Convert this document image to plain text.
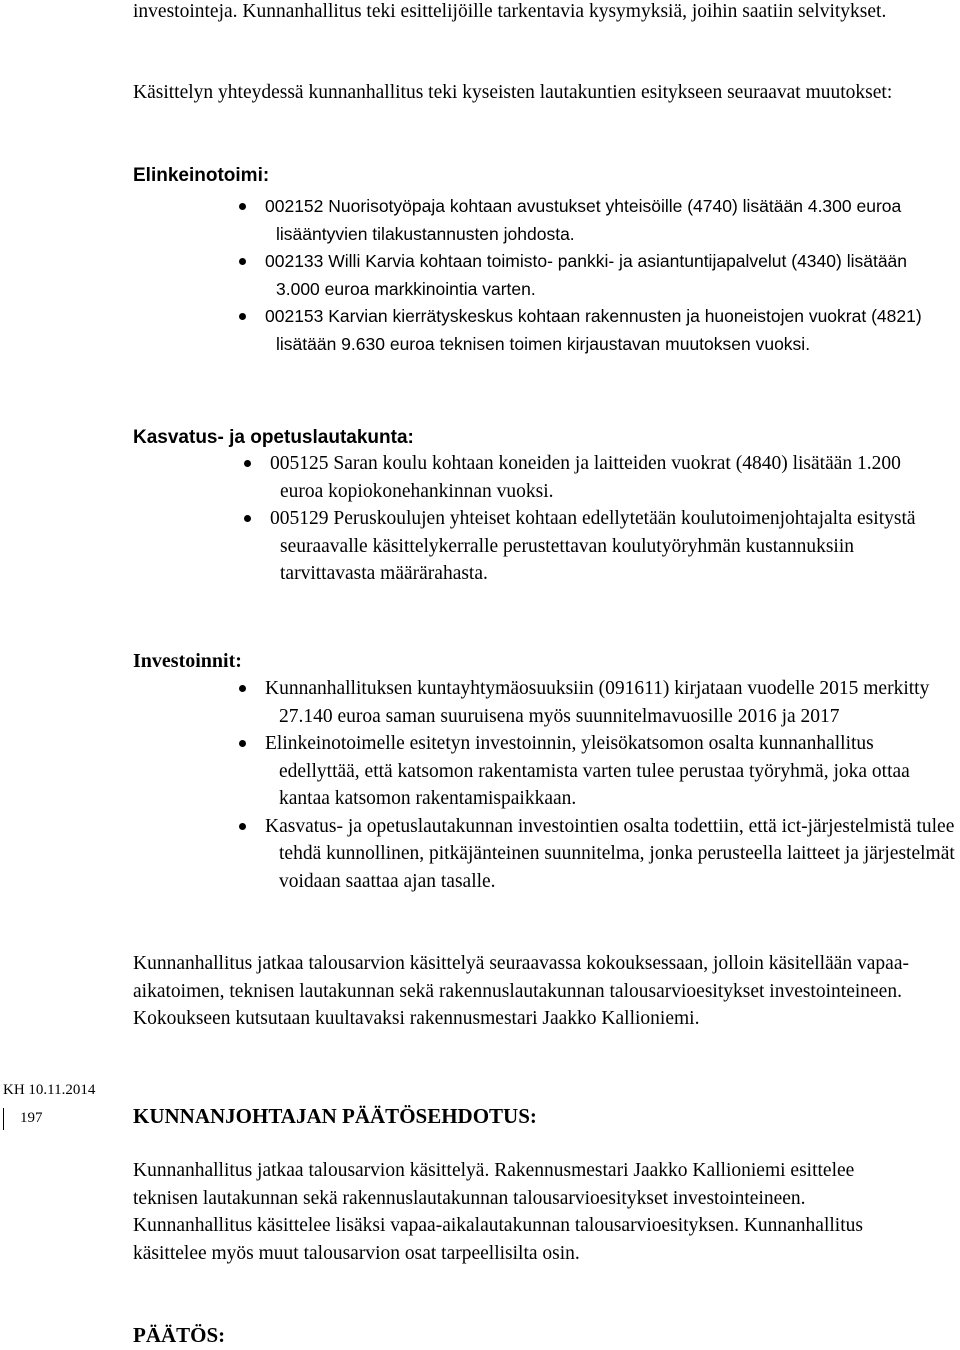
investointeja. Kunnanhallitus teki esittelijöille tarkentavia kysymyksiä, joihin saatiin selvitykset.

Käsittelyn yhteydessä kunnanhallitus teki kyseisten lautakuntien esitykseen seuraavat muutokset:

Elinkeinotoimi:

002152 Nuorisotyöpaja kohtaan avustukset yhteisöille (4740) lisätään 4.300 euroa lisääntyvien tilakustannusten johdosta.
002133 Willi Karvia kohtaan toimisto- pankki- ja asiantuntijapalvelut (4340) lisätään 3.000 euroa markkinointia varten.
002153 Karvian kierrätyskeskus kohtaan rakennusten ja huoneistojen vuokrat (4821) lisätään 9.630 euroa teknisen toimen kirjaustavan muutoksen vuoksi.

Kasvatus- ja opetuslautakunta:

005125 Saran koulu kohtaan koneiden ja laitteiden vuokrat (4840) lisätään 1.200 euroa kopiokonehankinnan vuoksi.
005129 Peruskoulujen yhteiset kohtaan edellytetään koulutoimenjohtajalta esitystä seuraavalle käsittelykerralle perustettavan koulutyöryhmän kustannuksiin tarvittavasta määrärahasta.

Investoinnit:

Kunnanhallituksen kuntayhtymäosuuksiin (091611) kirjataan vuodelle 2015 merkitty 27.140 euroa saman suuruisena myös suunnitelmavuosille 2016 ja 2017
Elinkeinotoimelle esitetyn investoinnin, yleisökatsomon osalta kunnanhallitus edellyttää, että katsomon rakentamista varten tulee perustaa työryhmä, joka ottaa kantaa katsomon rakentamispaikkaan.
Kasvatus- ja opetuslautakunnan investointien osalta todettiin, että ict-järjestelmistä tulee tehdä kunnollinen, pitkäjänteinen suunnitelma, jonka perusteella laitteet ja järjestelmät voidaan saattaa ajan tasalle.

Kunnanhallitus jatkaa talousarvion käsittelyä seuraavassa kokouksessaan, jolloin käsitellään vapaa-aikatoimen, teknisen lautakunnan sekä rakennuslautakunnan talousarvioesitykset investointeineen. Kokoukseen kutsutaan kuultavaksi rakennusmestari Jaakko Kallioniemi.

KH 10.11.2014
197	KUNNANJOHTAJAN PÄÄTÖSEHDOTUS:

Kunnanhallitus jatkaa talousarvion käsittelyä. Rakennusmestari Jaakko Kallioniemi esittelee teknisen lautakunnan sekä rakennuslautakunnan talousarvioesitykset investointeineen. Kunnanhallitus käsittelee lisäksi vapaa-aikalautakunnan talousarvioesityksen. Kunnanhallitus käsittelee myös muut talousarvion osat tarpeellisilta osin.

PÄÄTÖS:
